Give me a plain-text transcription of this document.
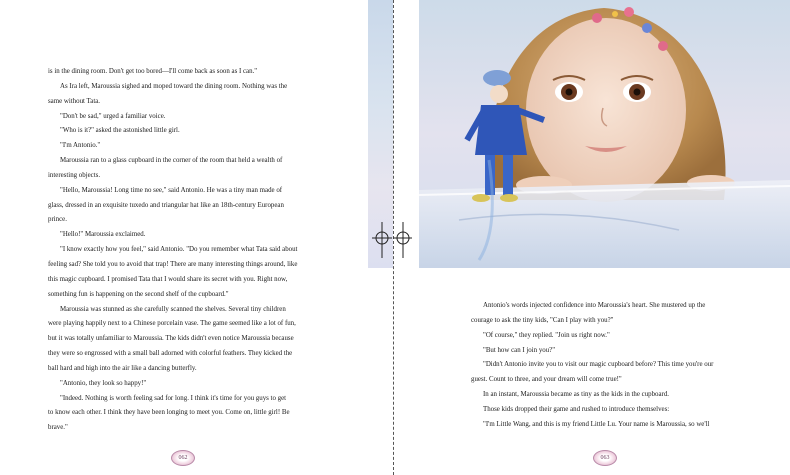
is in the dining room. Don't get too bored—I'll come back as soon as I can."

As Ira left, Maroussia sighed and moped toward the dining room. Nothing was the

same without Tata.

"Don't be sad," urged a familiar voice.

"Who is it?" asked the astonished little girl.

"I'm Antonio."

Maroussia ran to a glass cupboard in the corner of the room that held a wealth of

interesting objects.

"Hello, Maroussia! Long time no see," said Antonio. He was a tiny man made of

glass, dressed in an exquisite tuxedo and triangular hat like an 18th-century European

prince.

"Hello!" Maroussia exclaimed.

"I know exactly how you feel," said Antonio. "Do you remember what Tata said about

feeling sad? She told you to avoid that trap! There are many interesting things around, like

this magic cupboard. I promised Tata that I would share its secret with you. Right now,

something fun is happening on the second shelf of the cupboard."

Maroussia was stunned as she carefully scanned the shelves. Several tiny children

were playing happily next to a Chinese porcelain vase. The game seemed like a lot of fun,

but it was totally unfamiliar to Maroussia. The kids didn't even notice Maroussia because

they were so engrossed with a small ball adorned with colorful feathers. They kicked the

ball hard and high into the air like a dancing butterfly.

"Antonio, they look so happy!"

"Indeed. Nothing is worth feeling sad for long. I think it's time for you guys to get

to know each other. I think they have been longing to meet you. Come on, little girl! Be

brave."

062

Antonio's words injected confidence into Maroussia's heart. She mustered up the

courage to ask the tiny kids, "Can I play with you?"

"Of course," they replied. "Join us right now."

"But how can I join you?"

"Didn't Antonio invite you to visit our magic cupboard before? This time you're our

guest. Count to three, and your dream will come true!"

In an instant, Maroussia became as tiny as the kids in the cupboard.

Those kids dropped their game and rushed to introduce themselves:

"I'm Little Wang, and this is my friend Little Lu. Your name is Maroussia, so we'll

063
